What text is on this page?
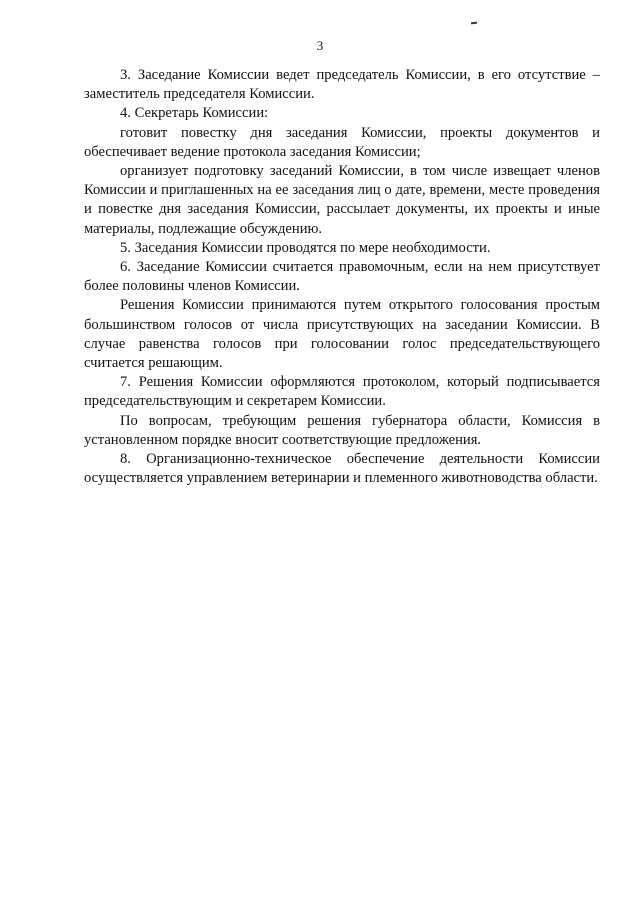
3

3. Заседание Комиссии ведет председатель Комиссии, в его отсутствие – заместитель председателя Комиссии.

4. Секретарь Комиссии:

готовит повестку дня заседания Комиссии, проекты документов и обеспечивает ведение протокола заседания Комиссии;

организует подготовку заседаний Комиссии, в том числе извещает членов Комиссии и приглашенных на ее заседания лиц о дате, времени, месте проведения и повестке дня заседания Комиссии, рассылает документы, их проекты и иные материалы, подлежащие обсуждению.

5. Заседания Комиссии проводятся по мере необходимости.

6. Заседание Комиссии считается правомочным, если на нем присутствует более половины членов Комиссии.

Решения Комиссии принимаются путем открытого голосования простым большинством голосов от числа присутствующих на заседании Комиссии. В случае равенства голосов при голосовании голос председательствующего считается решающим.

7. Решения Комиссии оформляются протоколом, который подписывается председательствующим и секретарем Комиссии.

По вопросам, требующим решения губернатора области, Комиссия в установленном порядке вносит соответствующие предложения.

8. Организационно-техническое обеспечение деятельности Комиссии осуществляется управлением ветеринарии и племенного животноводства области.
